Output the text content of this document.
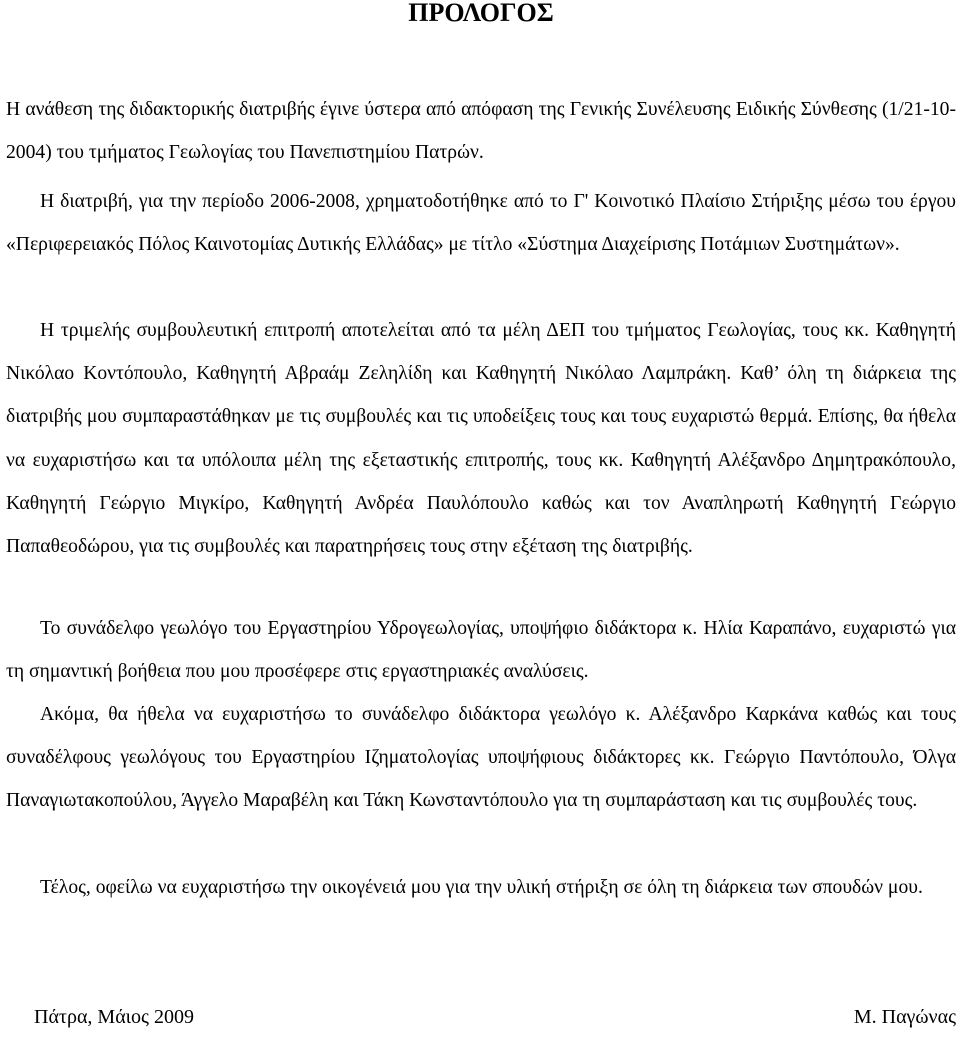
ΠΡΟΛΟΓΟΣ

Η ανάθεση της διδακτορικής διατριβής έγινε ύστερα από απόφαση της Γενικής Συνέλευσης Ειδικής Σύνθεσης (1/21-10-2004) του τμήματος Γεωλογίας του Πανεπιστημίου Πατρών.

Η διατριβή, για την περίοδο 2006-2008, χρηματοδοτήθηκε από το Γ' Κοινοτικό Πλαίσιο Στήριξης μέσω του έργου «Περιφερειακός Πόλος Καινοτομίας Δυτικής Ελλάδας» με τίτλο «Σύστημα Διαχείρισης Ποτάμιων Συστημάτων».

Η τριμελής συμβουλευτική επιτροπή αποτελείται από τα μέλη ΔΕΠ του τμήματος Γεωλογίας, τους κκ. Καθηγητή Νικόλαο Κοντόπουλο, Καθηγητή Αβραάμ Ζεληλίδη και Καθηγητή Νικόλαο Λαμπράκη. Καθ’ όλη τη διάρκεια της διατριβής μου συμπαραστάθηκαν με τις συμβουλές και τις υποδείξεις τους και τους ευχαριστώ θερμά. Επίσης, θα ήθελα να ευχαριστήσω και τα υπόλοιπα μέλη της εξεταστικής επιτροπής, τους κκ. Καθηγητή Αλέξανδρο Δημητρακόπουλο, Καθηγητή Γεώργιο Μιγκίρο, Καθηγητή Ανδρέα Παυλόπουλο καθώς και τον Αναπληρωτή Καθηγητή Γεώργιο Παπαθεοδώρου, για τις συμβουλές και παρατηρήσεις τους στην εξέταση της διατριβής.

Το συνάδελφο γεωλόγο του Εργαστηρίου Υδρογεωλογίας, υποψήφιο διδάκτορα κ. Ηλία Καραπάνο, ευχαριστώ για τη σημαντική βοήθεια που μου προσέφερε στις εργαστηριακές αναλύσεις.

Ακόμα, θα ήθελα να ευχαριστήσω το συνάδελφο διδάκτορα γεωλόγο κ. Αλέξανδρο Καρκάνα καθώς και τους συναδέλφους γεωλόγους του Εργαστηρίου Ιζηματολογίας υποψήφιους διδάκτορες κκ. Γεώργιο Παντόπουλο, Όλγα Παναγιωτακοπούλου, Άγγελο Μαραβέλη και Τάκη Κωνσταντόπουλο για τη συμπαράσταση και τις συμβουλές τους.

Τέλος, οφείλω να ευχαριστήσω την οικογένειά μου για την υλική στήριξη σε όλη τη διάρκεια των σπουδών μου.

Πάτρα, Μάιος 2009	Μ. Παγώνας
